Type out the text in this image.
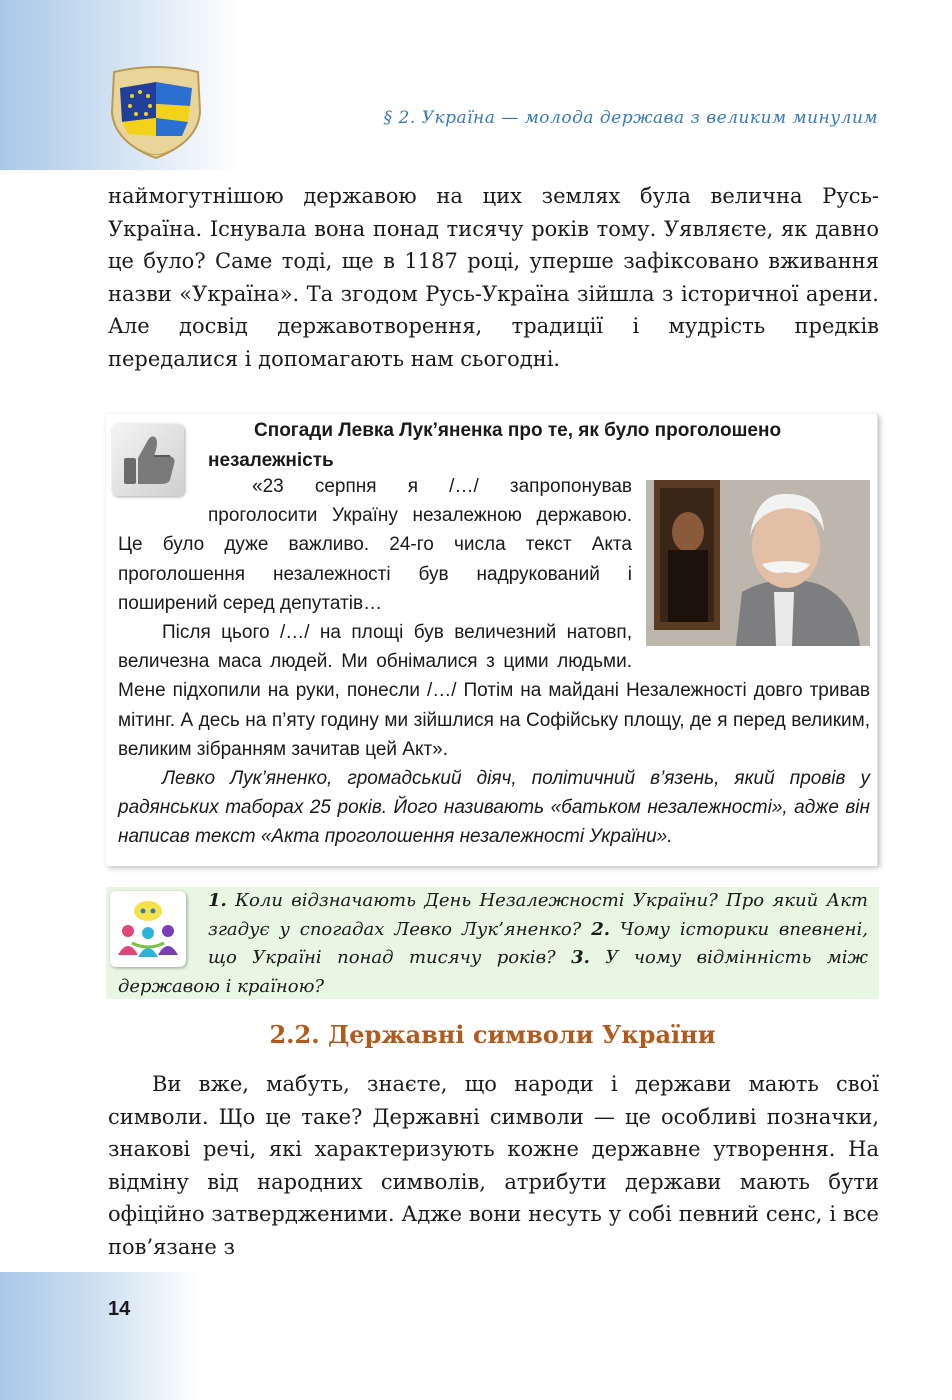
§ 2. Україна — молода держава з великим минулим

наймогутнішою державою на цих землях була велична Русь-Україна. Існувала вона понад тисячу років тому. Уявляєте, як давно це було? Саме тоді, ще в 1187 році, уперше зафіксовано вживання назви «Україна». Та згодом Русь-Україна зійшла з історичної арени. Але досвід державотворення, традиції і мудрість предків передалися і допомагають нам сьогодні.

Спогади Левка Лук’яненка про те, як було проголошено незалежність

«23 серпня я /…/ запропонував проголосити Україну незалежною державою. Це було дуже важливо. 24-го числа текст Акта проголошення незалежності був надрукований і поширений серед депутатів…

Після цього /…/ на площі був величезний натовп, величезна маса людей. Ми обнімалися з цими людьми. Мене підхопили на руки, понесли /…/ Потім на майдані Незалежності довго тривав мітинг. А десь на п’яту годину ми зійшлися на Софійську площу, де я перед великим, великим зібранням зачитав цей Акт».

Левко Лук’яненко, громадський діяч, політичний в’язень, який провів у радянських таборах 25 років. Його називають «батьком незалежності», адже він написав текст «Акта проголошення незалежності України».

1. Коли відзначають День Незалежності України? Про який Акт згадує у спогадах Левко Лук’яненко? 2. Чому історики впевнені, що Україні понад тисячу років? 3. У чому відмінність між державою і країною?

2.2. Державні символи України

Ви вже, мабуть, знаєте, що народи і держави мають свої символи. Що це таке? Державні символи — це особливі позначки, знакові речі, які характеризують кожне державне утворення. На відміну від народних символів, атрибути держави мають бути офіційно затвердженими. Адже вони несуть у собі певний сенс, і все пов’язане з

14
